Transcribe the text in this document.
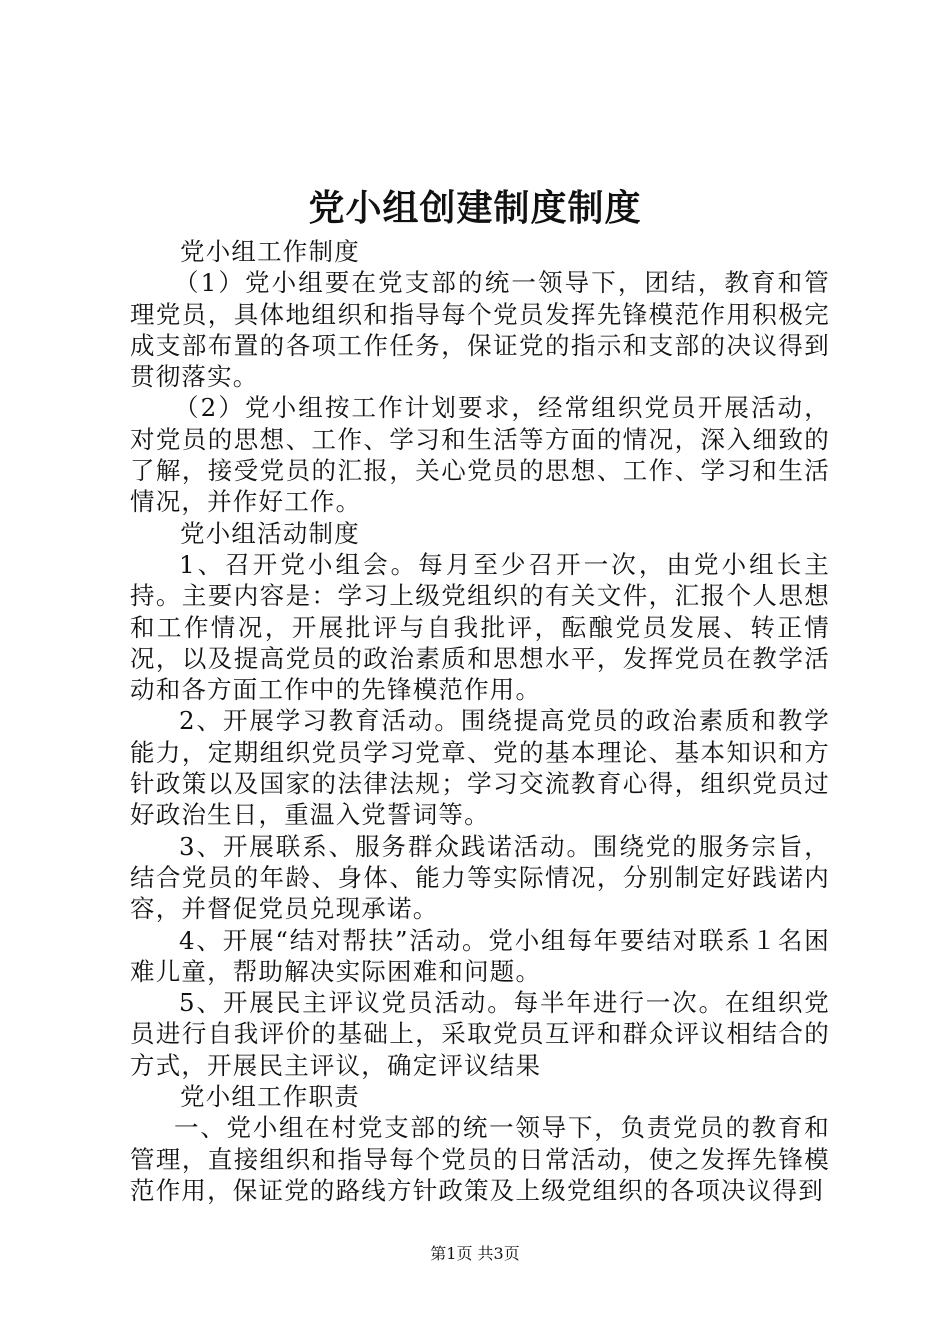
党小组创建制度制度

党小组工作制度

（1）党小组要在党支部的统一领导下，团结，教育和管理党员，具体地组织和指导每个党员发挥先锋模范作用积极完成支部布置的各项工作任务，保证党的指示和支部的决议得到贯彻落实。

（2）党小组按工作计划要求，经常组织党员开展活动，对党员的思想、工作、学习和生活等方面的情况，深入细致的了解，接受党员的汇报，关心党员的思想、工作、学习和生活情况，并作好工作。

党小组活动制度

1、召开党小组会。每月至少召开一次，由党小组长主持。主要内容是：学习上级党组织的有关文件，汇报个人思想和工作情况，开展批评与自我批评，酝酿党员发展、转正情况，以及提高党员的政治素质和思想水平，发挥党员在教学活动和各方面工作中的先锋模范作用。

2、开展学习教育活动。围绕提高党员的政治素质和教学能力，定期组织党员学习党章、党的基本理论、基本知识和方针政策以及国家的法律法规；学习交流教育心得，组织党员过好政治生日，重温入党誓词等。

3、开展联系、服务群众践诺活动。围绕党的服务宗旨，结合党员的年龄、身体、能力等实际情况，分别制定好践诺内容，并督促党员兑现承诺。

4、开展“结对帮扶”活动。党小组每年要结对联系１名困难儿童，帮助解决实际困难和问题。

5、开展民主评议党员活动。每半年进行一次。在组织党员进行自我评价的基础上，采取党员互评和群众评议相结合的方式，开展民主评议，确定评议结果

党小组工作职责

一、党小组在村党支部的统一领导下，负责党员的教育和管理，直接组织和指导每个党员的日常活动，使之发挥先锋模范作用，保证党的路线方针政策及上级党组织的各项决议得到

第1页 共3页
